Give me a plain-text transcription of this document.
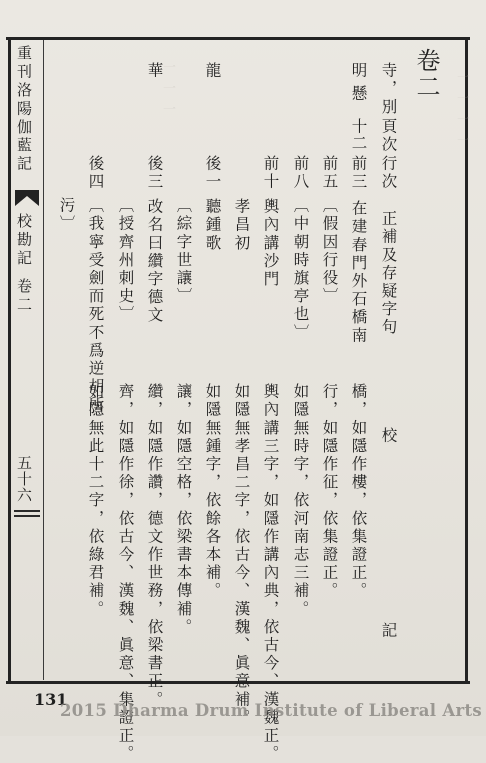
一一一一
一一一
重刊洛陽伽藍記
校勘記
卷二
五十六
卷二
寺，別
頁次
行次
正補及存疑字句
校
記
明
懸
十二
前三
在建春門外石橋南
橋，如隱作樓，依集證正。
前五
〔假因行役〕
行，如隱作征，依集證正。
前八
〔中朝時旗亭也〕
如隱無時字，依河南志三補。
前十
輿內講沙門
輿內講三字，如隱作講內典，依古今、漢魏正。
孝昌初
如隱無孝昌二字，依古今、漢魏、眞意補。
龍
後一
聽鍾歌
如隱無鍾字，依餘各本補。
〔綜字世讓〕
讓，如隱空格，依梁書本傳補。
華
後三
改名曰纘字德文
纘，如隱作讚，德文作世務，依梁書正。
〔授齊州刺史〕
齊，如隱作徐，依古今、漢魏、眞意、集證正。
後四
〔我寧受劍而死不爲逆胡所
如隱無此十二字，依綠君補。
污〕
131
2015 Dharma Drum Institute of Liberal Arts
